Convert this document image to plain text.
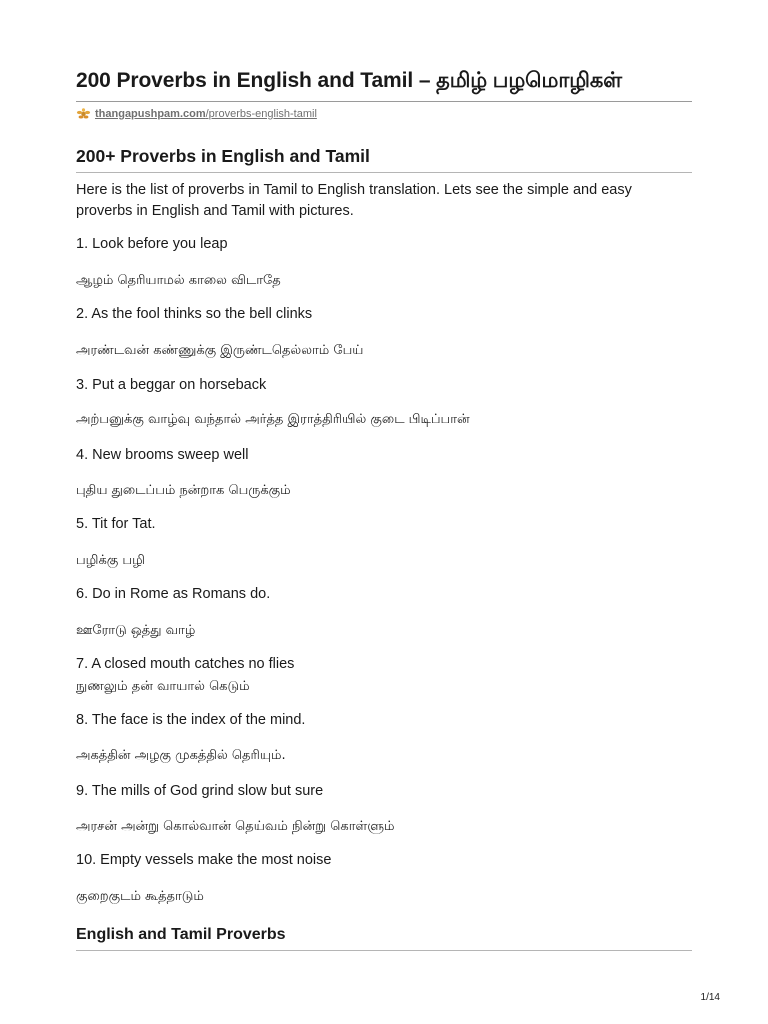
200 Proverbs in English and Tamil – தமிழ் பழமொழிகள்
thangapushpam.com/proverbs-english-tamil
200+ Proverbs in English and Tamil

Here is the list of proverbs in Tamil to English translation. Lets see the simple and easy proverbs in English and Tamil with pictures.

1. Look before you leap

ஆழம் தெரியாமல் காலை விடாதே

2. As the fool thinks so the bell clinks

அரண்டவன் கண்ணுக்கு இருண்டதெல்லாம் பேய்

3. Put a beggar on horseback

அற்பனுக்கு வாழ்வு வந்தால் அர்த்த இராத்திரியில் குடை பிடிப்பான்

4. New brooms sweep well

புதிய துடைப்பம் நன்றாக பெருக்கும்

5. Tit for Tat.

பழிக்கு பழி

6. Do in Rome as Romans do.

ஊரோடு ஒத்து வாழ்

7. A closed mouth catches no flies

நுணலும் தன் வாயால் கெடும்

8. The face is the index of the mind.

அகத்தின் அழகு முகத்தில் தெரியும்.

9. The mills of God grind slow but sure

அரசன் அன்று கொல்வான் தெய்வம் நின்று கொள்ளும்

10. Empty vessels make the most noise

குறைகுடம் கூத்தாடும்

English and Tamil Proverbs
1/14
